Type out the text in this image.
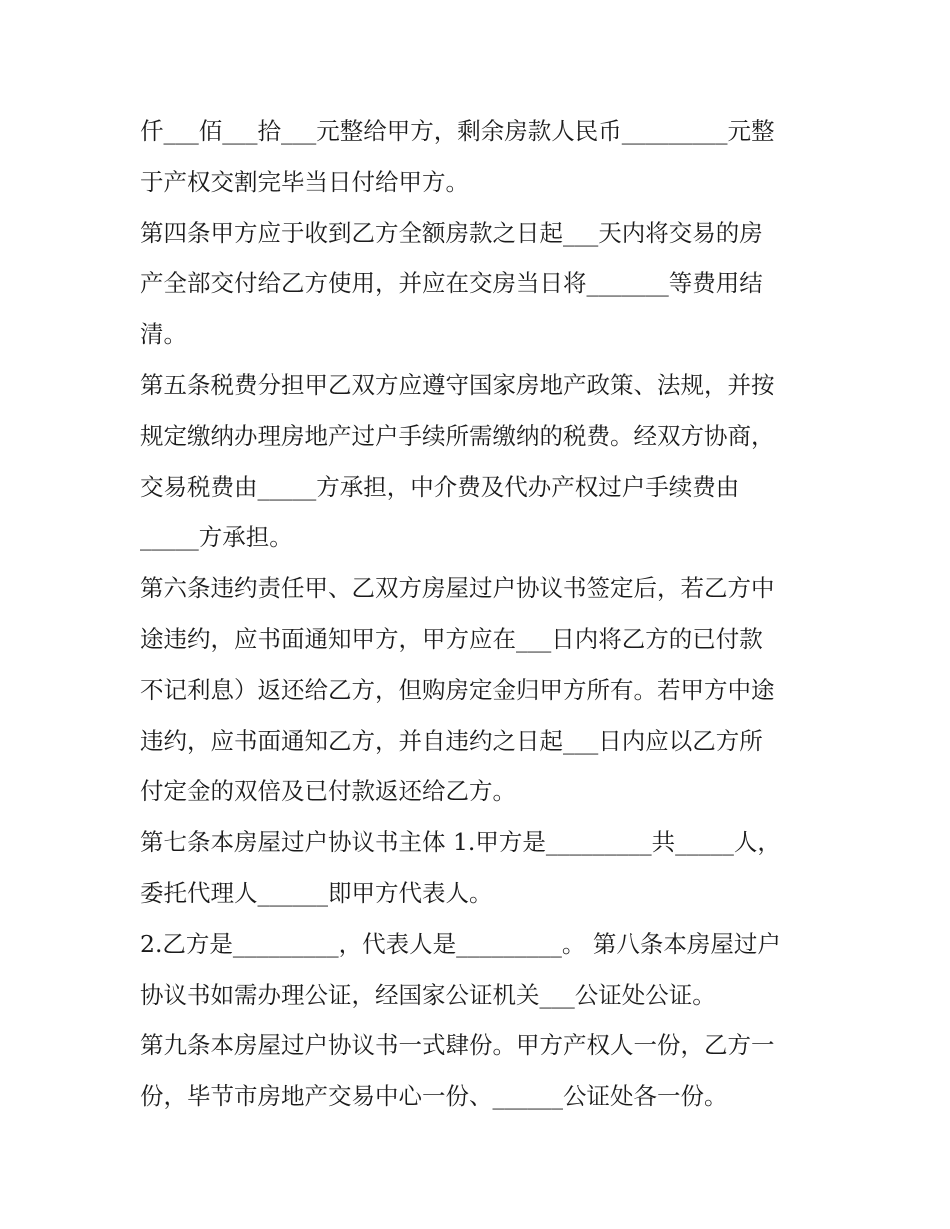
仟___佰___拾___元整给甲方，剩余房款人民币_________元整
于产权交割完毕当日付给甲方。
第四条甲方应于收到乙方全额房款之日起___天内将交易的房
产全部交付给乙方使用，并应在交房当日将_______等费用结
清。
第五条税费分担甲乙双方应遵守国家房地产政策、法规，并按
规定缴纳办理房地产过户手续所需缴纳的税费。经双方协商，
交易税费由_____方承担，中介费及代办产权过户手续费由
_____方承担。
第六条违约责任甲、乙双方房屋过户协议书签定后，若乙方中
途违约，应书面通知甲方，甲方应在___日内将乙方的已付款
不记利息）返还给乙方，但购房定金归甲方所有。若甲方中途
违约，应书面通知乙方，并自违约之日起___日内应以乙方所
付定金的双倍及已付款返还给乙方。
第七条本房屋过户协议书主体 1.甲方是_________共_____人，
委托代理人______即甲方代表人。
2.乙方是_________，代表人是_________。 第八条本房屋过户
协议书如需办理公证，经国家公证机关___公证处公证。
第九条本房屋过户协议书一式肆份。甲方产权人一份，乙方一
份，毕节市房地产交易中心一份、______公证处各一份。
